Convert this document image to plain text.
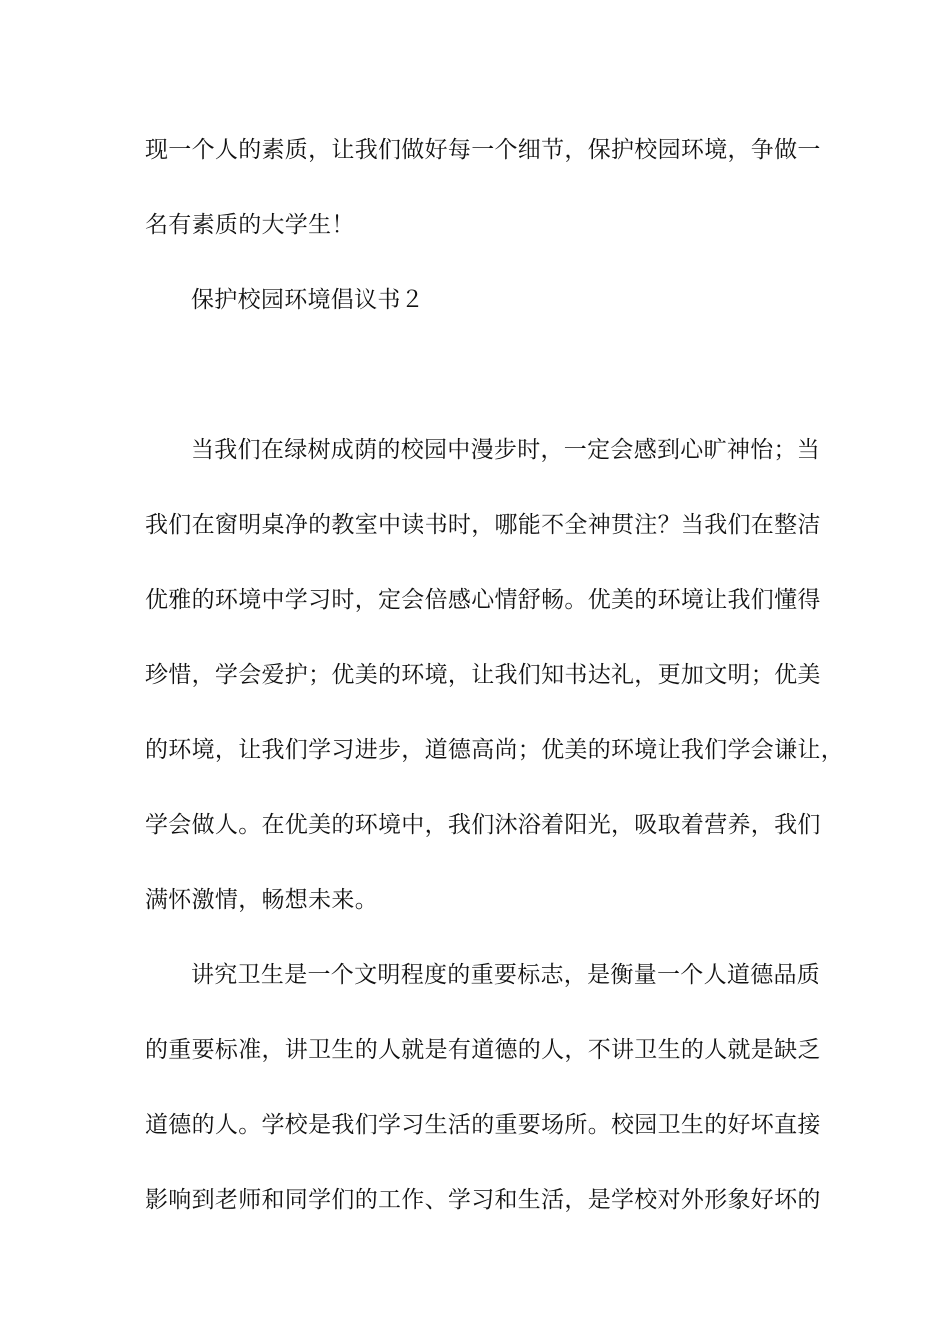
现一个人的素质，让我们做好每一个细节，保护校园环境，争做一
名有素质的大学生！
保护校园环境倡议书２
当我们在绿树成荫的校园中漫步时，一定会感到心旷神怡；当
我们在窗明桌净的教室中读书时，哪能不全神贯注？当我们在整洁
优雅的环境中学习时，定会倍感心情舒畅。优美的环境让我们懂得
珍惜，学会爱护；优美的环境，让我们知书达礼，更加文明；优美
的环境，让我们学习进步，道德高尚；优美的环境让我们学会谦让，
学会做人。在优美的环境中，我们沐浴着阳光，吸取着营养，我们
满怀激情，畅想未来。
讲究卫生是一个文明程度的重要标志，是衡量一个人道德品质
的重要标准，讲卫生的人就是有道德的人，不讲卫生的人就是缺乏
道德的人。学校是我们学习生活的重要场所。校园卫生的好坏直接
影响到老师和同学们的工作、学习和生活，是学校对外形象好坏的
